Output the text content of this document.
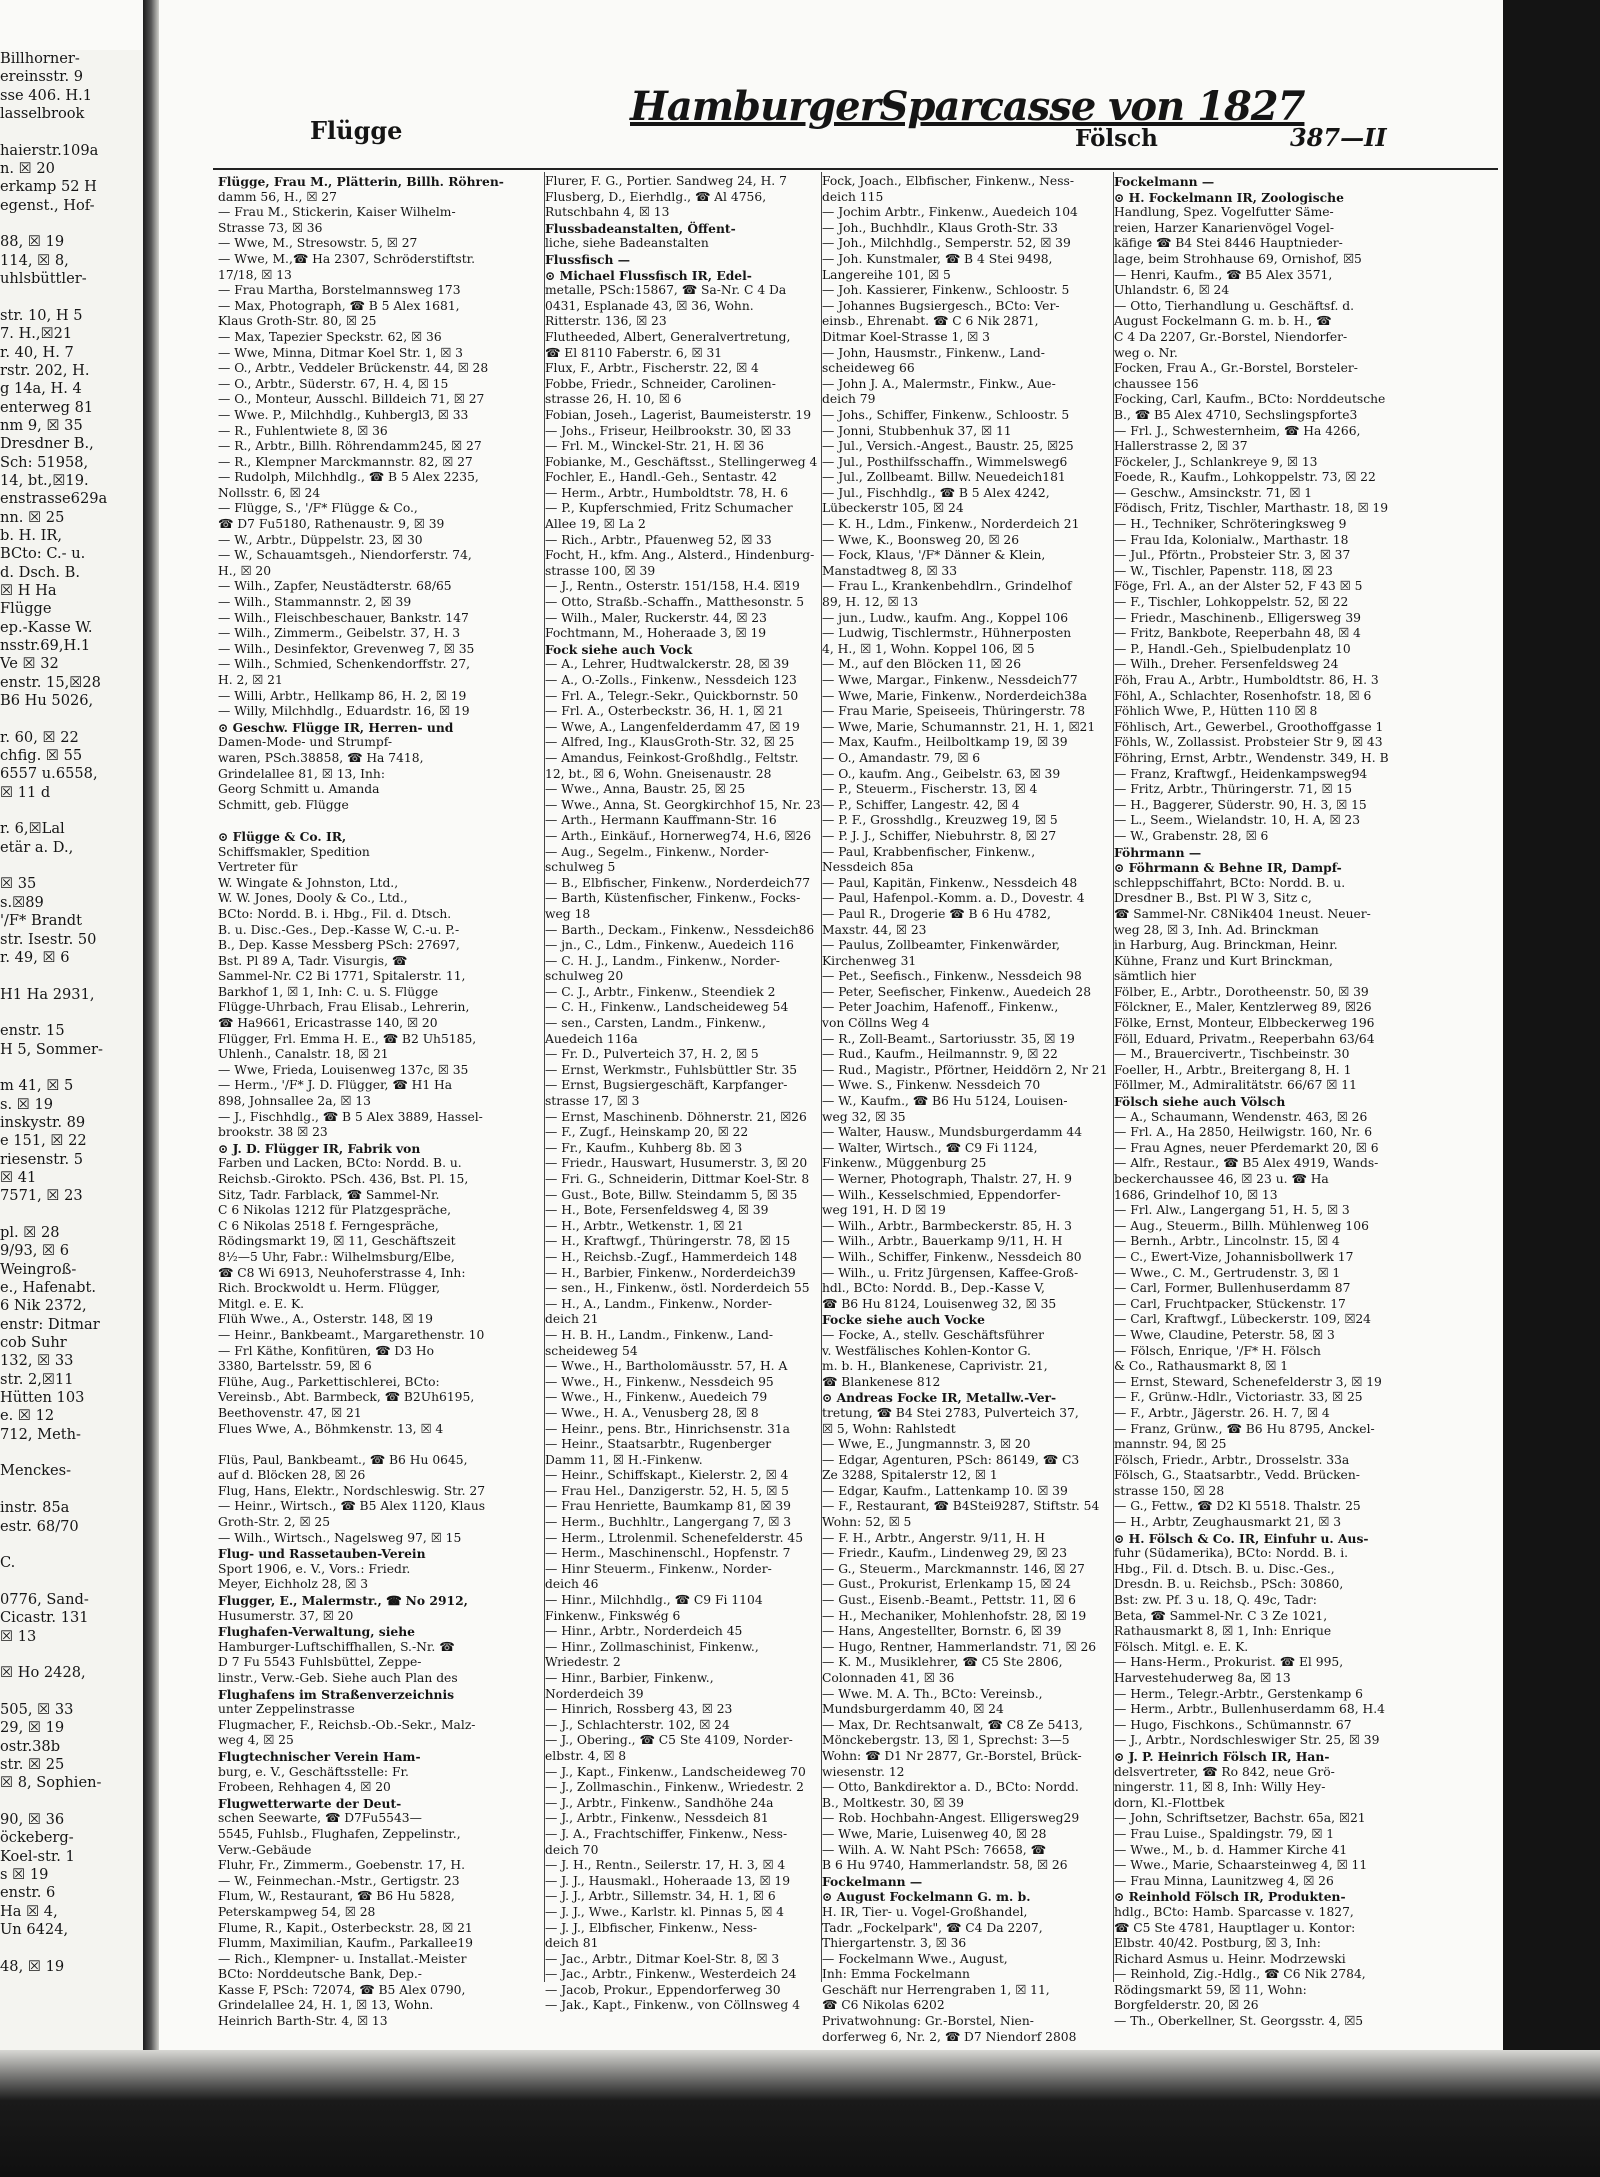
Billhorner-
ereinsstr. 9
sse 406. H.1
lasselbrook

haierstr.109a
n. ☒ 20
erkamp 52 H
egenst., Hof-

88, ☒ 19
114, ☒ 8,
uhlsbüttler-

str. 10, H 5
7. H.,☒21
r. 40, H. 7
rstr. 202, H.
g 14a, H. 4
enterweg 81
nm 9, ☒ 35
Dresdner B.,
Sch: 51958,
14, bt.,☒19.
enstrasse629a
nn. ☒ 25
b. H. IR,
BCto: C.- u.
d. Dsch. B.
☒ H Ha
Flügge
ep.-Kasse W.
nsstr.69,H.1
Ve ☒ 32
enstr. 15,☒28
B6 Hu 5026,

r. 60, ☒ 22
chfig. ☒ 55
6557 u.6558,
☒ 11 d

r. 6,☒Lal
etär a. D.,

☒ 35
s.☒89
'/F* Brandt
str. Isestr. 50
r. 49, ☒ 6

H1 Ha 2931,

enstr. 15
H 5, Sommer-

m 41, ☒ 5
s. ☒ 19
inskystr. 89
e 151, ☒ 22
riesenstr. 5
☒ 41
7571, ☒ 23

pl. ☒ 28
9/93, ☒ 6
Weingroß-
e., Hafenabt.
6 Nik 2372,
enstr: Ditmar
cob Suhr
132, ☒ 33
str. 2,☒11
Hütten 103
e. ☒ 12
712, Meth-

Menckes-

instr. 85a
estr. 68/70

C.

0776, Sand-
Cicastr. 131
☒ 13

☒ Ho 2428,

505, ☒ 33
29, ☒ 19
ostr.38b
str. ☒ 25
☒ 8, Sophien-

90, ☒ 36
öckeberg-
Koel-str. 1
s ☒ 19
enstr. 6
Ha ☒ 4,
Un 6424,

48, ☒ 19
Flügge
HamburgerSparcasse von 1827
Fölsch	387—II
Flügge, Frau M., Plätterin, Billh. Röhren-
damm 56, H., ☒ 27
— Frau M., Stickerin, Kaiser Wilhelm-
Strasse 73, ☒ 36
— Wwe, M., Stresowstr. 5, ☒ 27
— Wwe, M.,☎ Ha 2307, Schröderstiftstr.
17/18, ☒ 13
— Frau Martha, Borstelmannsweg 173
— Max, Photograph, ☎ B 5 Alex 1681,
Klaus Groth-Str. 80, ☒ 25
— Max, Tapezier Speckstr. 62, ☒ 36
— Wwe, Minna, Ditmar Koel Str. 1, ☒ 3
— O., Arbtr., Veddeler Brückenstr. 44, ☒ 28
— O., Arbtr., Süderstr. 67, H. 4, ☒ 15
— O., Monteur, Ausschl. Billdeich 71, ☒ 27
— Wwe. P., Milchhdlg., Kuhbergl3, ☒ 33
— R., Fuhlentwiete 8, ☒ 36
— R., Arbtr., Billh. Röhrendamm245, ☒ 27
— R., Klempner Marckmannstr. 82, ☒ 27
— Rudolph, Milchhdlg., ☎ B 5 Alex 2235,
Nollsstr. 6, ☒ 24
— Flügge, S., '/F* Flügge & Co.,
☎ D7 Fu5180, Rathenaustr. 9, ☒ 39
— W., Arbtr., Düppelstr. 23, ☒ 30
— W., Schauamtsgeh., Niendorferstr. 74,
H., ☒ 20
— Wilh., Zapfer, Neustädterstr. 68/65
— Wilh., Stammannstr. 2, ☒ 39
— Wilh., Fleischbeschauer, Bankstr. 147
— Wilh., Zimmerm., Geibelstr. 37, H. 3
— Wilh., Desinfektor, Grevenweg 7, ☒ 35
— Wilh., Schmied, Schenkendorffstr. 27,
H. 2, ☒ 21
— Willi, Arbtr., Hellkamp 86, H. 2, ☒ 19
— Willy, Milchhdlg., Eduardstr. 16, ☒ 19
⊙ Geschw. Flügge IR, Herren- und
Damen-Mode- und Strumpf-
waren, PSch.38858, ☎ Ha 7418,
Grindelallee 81, ☒ 13, Inh:
Georg Schmitt u. Amanda
Schmitt, geb. Flügge

⊙ Flügge & Co. IR,
Schiffsmakler, Spedition
Vertreter für
W. Wingate & Johnston, Ltd.,
W. W. Jones, Dooly & Co., Ltd.,
BCto: Nordd. B. i. Hbg., Fil. d. Dtsch.
B. u. Disc.-Ges., Dep.-Kasse W, C.-u. P.-
B., Dep. Kasse Messberg PSch: 27697,
Bst. Pl 89 A, Tadr. Visurgis, ☎
Sammel-Nr. C2 Bi 1771, Spitalerstr. 11,
Barkhof 1, ☒ 1, Inh: C. u. S. Flügge
Flügge-Uhrbach, Frau Elisab., Lehrerin,
☎ Ha9661, Ericastrasse 140, ☒ 20
Flügger, Frl. Emma H. E., ☎ B2 Uh5185,
Uhlenh., Canalstr. 18, ☒ 21
— Wwe, Frieda, Louisenweg 137c, ☒ 35
— Herm., '/F* J. D. Flügger, ☎ H1 Ha
898, Johnsallee 2a, ☒ 13
— J., Fischhdlg., ☎ B 5 Alex 3889, Hassel-
brookstr. 38 ☒ 23
⊙ J. D. Flügger IR, Fabrik von
Farben und Lacken, BCto: Nordd. B. u.
Reichsb.-Girokto. PSch. 436, Bst. Pl. 15,
Sitz, Tadr. Farblack, ☎ Sammel-Nr.
C 6 Nikolas 1212 für Platzgespräche,
C 6 Nikolas 2518 f. Ferngespräche,
Rödingsmarkt 19, ☒ 11, Geschäftszeit
8½—5 Uhr, Fabr.: Wilhelmsburg/Elbe,
☎ C8 Wi 6913, Neuhoferstrasse 4, Inh:
Rich. Brockwoldt u. Herm. Flügger,
Mitgl. e. E. K.
Flüh Wwe., A., Osterstr. 148, ☒ 19
— Heinr., Bankbeamt., Margarethenstr. 10
— Frl Käthe, Konfitüren, ☎ D3 Ho
3380, Bartelsstr. 59, ☒ 6
Flühe, Aug., Parkettischlerei, BCto:
Vereinsb., Abt. Barmbeck, ☎ B2Uh6195,
Beethovenstr. 47, ☒ 21
Flues Wwe, A., Böhmkenstr. 13, ☒ 4

Flüs, Paul, Bankbeamt., ☎ B6 Hu 0645,
auf d. Blöcken 28, ☒ 26
Flug, Hans, Elektr., Nordschleswig. Str. 27
— Heinr., Wirtsch., ☎ B5 Alex 1120, Klaus
Groth-Str. 2, ☒ 25
— Wilh., Wirtsch., Nagelsweg 97, ☒ 15
Flug- und Rassetauben-Verein
Sport 1906, e. V., Vors.: Friedr.
Meyer, Eichholz 28, ☒ 3
Flugger, E., Malermstr., ☎ No 2912,
Husumerstr. 37, ☒ 20
Flughafen-Verwaltung, siehe
Hamburger-Luftschiffhallen, S.-Nr. ☎
D 7 Fu 5543 Fuhlsbüttel, Zeppe-
linstr., Verw.-Geb. Siehe auch Plan des
Flughafens im Straßenverzeichnis
unter Zeppelinstrasse
Flugmacher, F., Reichsb.-Ob.-Sekr., Malz-
weg 4, ☒ 25
Flugtechnischer Verein Ham-
burg, e. V., Geschäftsstelle: Fr.
Frobeen, Rehhagen 4, ☒ 20
Flugwetterwarte der Deut-
schen Seewarte, ☎ D7Fu5543—
5545, Fuhlsb., Flughafen, Zeppelinstr.,
Verw.-Gebäude
Fluhr, Fr., Zimmerm., Goebenstr. 17, H.
— W., Feinmechan.-Mstr., Gertigstr. 23
Flum, W., Restaurant, ☎ B6 Hu 5828,
Peterskampweg 54, ☒ 28
Flume, R., Kapit., Osterbeckstr. 28, ☒ 21
Flumm, Maximilian, Kaufm., Parkallee19
— Rich., Klempner- u. Installat.-Meister
BCto: Norddeutsche Bank, Dep.-
Kasse F, PSch: 72074, ☎ B5 Alex 0790,
Grindelallee 24, H. 1, ☒ 13, Wohn.
Heinrich Barth-Str. 4, ☒ 13
Flurer, F. G., Portier. Sandweg 24, H. 7
Flusberg, D., Eierhdlg., ☎ Al 4756,
Rutschbahn 4, ☒ 13
Flussbadeanstalten, Öffent-
liche, siehe Badeanstalten
Flussfisch —
⊙ Michael Flussfisch IR, Edel-
metalle, PSch:15867, ☎ Sa-Nr. C 4 Da
0431, Esplanade 43, ☒ 36, Wohn.
Ritterstr. 136, ☒ 23
Flutheeded, Albert, Generalvertretung,
☎ El 8110 Faberstr. 6, ☒ 31
Flux, F., Arbtr., Fischerstr. 22, ☒ 4
Fobbe, Friedr., Schneider, Carolinen-
strasse 26, H. 10, ☒ 6
Fobian, Joseh., Lagerist, Baumeisterstr. 19
— Johs., Friseur, Heilbrookstr. 30, ☒ 33
— Frl. M., Winckel-Str. 21, H. ☒ 36
Fobianke, M., Geschäftsst., Stellingerweg 4
Fochler, E., Handl.-Geh., Sentastr. 42
— Herm., Arbtr., Humboldtstr. 78, H. 6
— P., Kupferschmied, Fritz Schumacher
Allee 19, ☒ La 2
— Rich., Arbtr., Pfauenweg 52, ☒ 33
Focht, H., kfm. Ang., Alsterd., Hindenburg-
strasse 100, ☒ 39
— J., Rentn., Osterstr. 151/158, H.4. ☒19
— Otto, Straßb.-Schaffn., Matthesonstr. 5
— Wilh., Maler, Ruckerstr. 44, ☒ 23
Fochtmann, M., Hoheraade 3, ☒ 19
Fock siehe auch Vock
— A., Lehrer, Hudtwalckerstr. 28, ☒ 39
— A., O.-Zolls., Finkenw., Nessdeich 123
— Frl. A., Telegr.-Sekr., Quickbornstr. 50
— Frl. A., Osterbeckstr. 36, H. 1, ☒ 21
— Wwe, A., Langenfelderdamm 47, ☒ 19
— Alfred, Ing., KlausGroth-Str. 32, ☒ 25
— Amandus, Feinkost-Großhdlg., Feltstr.
12, bt., ☒ 6, Wohn. Gneisenaustr. 28
— Wwe., Anna, Baustr. 25, ☒ 25
— Wwe., Anna, St. Georgkirchhof 15, Nr. 23
— Arth., Hermann Kauffmann-Str. 16
— Arth., Einkäuf., Hornerweg74, H.6, ☒26
— Aug., Segelm., Finkenw., Norder-
schulweg 5
— B., Elbfischer, Finkenw., Norderdeich77
— Barth, Küstenfischer, Finkenw., Focks-
weg 18
— Barth., Deckam., Finkenw., Nessdeich86
— jn., C., Ldm., Finkenw., Auedeich 116
— C. H. J., Landm., Finkenw., Norder-
schulweg 20
— C. J., Arbtr., Finkenw., Steendiek 2
— C. H., Finkenw., Landscheideweg 54
— sen., Carsten, Landm., Finkenw.,
Auedeich 116a
— Fr. D., Pulverteich 37, H. 2, ☒ 5
— Ernst, Werkmstr., Fuhlsbüttler Str. 35
— Ernst, Bugsiergeschäft, Karpfanger-
strasse 17, ☒ 3
— Ernst, Maschinenb. Döhnerstr. 21, ☒26
— F., Zugf., Heinskamp 20, ☒ 22
— Fr., Kaufm., Kuhberg 8b. ☒ 3
— Friedr., Hauswart, Husumerstr. 3, ☒ 20
— Fri. G., Schneiderin, Dittmar Koel-Str. 8
— Gust., Bote, Billw. Steindamm 5, ☒ 35
— H., Bote, Fersenfeldsweg 4, ☒ 39
— H., Arbtr., Wetkenstr. 1, ☒ 21
— H., Kraftwgf., Thüringerstr. 78, ☒ 15
— H., Reichsb.-Zugf., Hammerdeich 148
— H., Barbier, Finkenw., Norderdeich39
— sen., H., Finkenw., östl. Norderdeich 55
— H., A., Landm., Finkenw., Norder-
deich 21
— H. B. H., Landm., Finkenw., Land-
scheideweg 54
— Wwe., H., Bartholomäusstr. 57, H. A
— Wwe., H., Finkenw., Nessdeich 95
— Wwe., H., Finkenw., Auedeich 79
— Wwe., H. A., Venusberg 28, ☒ 8
— Heinr., pens. Btr., Hinrichsenstr. 31a
— Heinr., Staatsarbtr., Rugenberger
Damm 11, ☒ H.-Finkenw.
— Heinr., Schiffskapt., Kielerstr. 2, ☒ 4
— Frau Hel., Danzigerstr. 52, H. 5, ☒ 5
— Frau Henriette, Baumkamp 81, ☒ 39
— Herm., Buchhltr., Langergang 7, ☒ 3
— Herm., Ltrolenmil. Schenefelderstr. 45
— Herm., Maschinenschl., Hopfenstr. 7
— Hinr Steuerm., Finkenw., Norder-
deich 46
— Hinr., Milchhdlg., ☎ C9 Fi 1104
Finkenw., Finkswég 6
— Hinr., Arbtr., Norderdeich 45
— Hinr., Zollmaschinist, Finkenw.,
Wriedestr. 2
— Hinr., Barbier, Finkenw.,
Norderdeich 39
— Hinrich, Rossberg 43, ☒ 23
— J., Schlachterstr. 102, ☒ 24
— J., Obering., ☎ C5 Ste 4109, Norder-
elbstr. 4, ☒ 8
— J., Kapt., Finkenw., Landscheideweg 70
— J., Zollmaschin., Finkenw., Wriedestr. 2
— J., Arbtr., Finkenw., Sandhöhe 24a
— J., Arbtr., Finkenw., Nessdeich 81
— J. A., Frachtschiffer, Finkenw., Ness-
deich 70
— J. H., Rentn., Seilerstr. 17, H. 3, ☒ 4
— J. J., Hausmakl., Hoheraade 13, ☒ 19
— J. J., Arbtr., Sillemstr. 34, H. 1, ☒ 6
— J. J., Wwe., Karlstr. kl. Pinnas 5, ☒ 4
— J. J., Elbfischer, Finkenw., Ness-
deich 81
— Jac., Arbtr., Ditmar Koel-Str. 8, ☒ 3
— Jac., Arbtr., Finkenw., Westerdeich 24
— Jacob, Prokur., Eppendorferweg 30
— Jak., Kapt., Finkenw., von Cöllnsweg 4
Fock, Joach., Elbfischer, Finkenw., Ness-
deich 115
— Jochim Arbtr., Finkenw., Auedeich 104
— Joh., Buchhdlr., Klaus Groth-Str. 33
— Joh., Milchhdlg., Semperstr. 52, ☒ 39
— Joh. Kunstmaler, ☎ B 4 Stei 9498,
Langereihe 101, ☒ 5
— Joh. Kassierer, Finkenw., Schloostr. 5
— Johannes Bugsiergesch., BCto: Ver-
einsb., Ehrenabt. ☎ C 6 Nik 2871,
Ditmar Koel-Strasse 1, ☒ 3
— John, Hausmstr., Finkenw., Land-
scheideweg 66
— John J. A., Malermstr., Finkw., Aue-
deich 79
— Johs., Schiffer, Finkenw., Schloostr. 5
— Jonni, Stubbenhuk 37, ☒ 11
— Jul., Versich.-Angest., Baustr. 25, ☒25
— Jul., Posthilfsschaffn., Wimmelsweg6
— Jul., Zollbeamt. Billw. Neuedeich181
— Jul., Fischhdlg., ☎ B 5 Alex 4242,
Lübeckerstr 105, ☒ 24
— K. H., Ldm., Finkenw., Norderdeich 21
— Wwe, K., Boonsweg 20, ☒ 26
— Fock, Klaus, '/F* Dänner & Klein,
Manstadtweg 8, ☒ 33
— Frau L., Krankenbehdlrn., Grindelhof
89, H. 12, ☒ 13
— jun., Ludw., kaufm. Ang., Koppel 106
— Ludwig, Tischlermstr., Hühnerposten
4, H., ☒ 1, Wohn. Koppel 106, ☒ 5
— M., auf den Blöcken 11, ☒ 26
— Wwe, Margar., Finkenw., Nessdeich77
— Wwe, Marie, Finkenw., Norderdeich38a
— Frau Marie, Speiseeis, Thüringerstr. 78
— Wwe, Marie, Schumannstr. 21, H. 1, ☒21
— Max, Kaufm., Heilboltkamp 19, ☒ 39
— O., Amandastr. 79, ☒ 6
— O., kaufm. Ang., Geibelstr. 63, ☒ 39
— P., Steuerm., Fischerstr. 13, ☒ 4
— P., Schiffer, Langestr. 42, ☒ 4
— P. F., Grosshdlg., Kreuzweg 19, ☒ 5
— P. J. J., Schiffer, Niebuhrstr. 8, ☒ 27
— Paul, Krabbenfischer, Finkenw.,
Nessdeich 85a
— Paul, Kapitän, Finkenw., Nessdeich 48
— Paul, Hafenpol.-Komm. a. D., Dovestr. 4
— Paul R., Drogerie ☎ B 6 Hu 4782,
Maxstr. 44, ☒ 23
— Paulus, Zollbeamter, Finkenwärder,
Kirchenweg 31
— Pet., Seefisch., Finkenw., Nessdeich 98
— Peter, Seefischer, Finkenw., Auedeich 28
— Peter Joachim, Hafenoff., Finkenw.,
von Cöllns Weg 4
— R., Zoll-Beamt., Sartoriusstr. 35, ☒ 19
— Rud., Kaufm., Heilmannstr. 9, ☒ 22
— Rud., Magistr., Pförtner, Heiddörn 2, Nr 21
— Wwe. S., Finkenw. Nessdeich 70
— W., Kaufm., ☎ B6 Hu 5124, Louisen-
weg 32, ☒ 35
— Walter, Hausw., Mundsburgerdamm 44
— Walter, Wirtsch., ☎ C9 Fi 1124,
Finkenw., Müggenburg 25
— Werner, Photograph, Thalstr. 27, H. 9
— Wilh., Kesselschmied, Eppendorfer-
weg 191, H. D ☒ 19
— Wilh., Arbtr., Barmbeckerstr. 85, H. 3
— Wilh., Arbtr., Bauerkamp 9/11, H. H
— Wilh., Schiffer, Finkenw., Nessdeich 80
— Wilh., u. Fritz Jürgensen, Kaffee-Groß-
hdl., BCto: Nordd. B., Dep.-Kasse V,
☎ B6 Hu 8124, Louisenweg 32, ☒ 35
Focke siehe auch Vocke
— Focke, A., stellv. Geschäftsführer
v. Westfälisches Kohlen-Kontor G.
m. b. H., Blankenese, Caprivistr. 21,
☎ Blankenese 812
⊙ Andreas Focke IR, Metallw.-Ver-
tretung, ☎ B4 Stei 2783, Pulverteich 37,
☒ 5, Wohn: Rahlstedt
— Wwe, E., Jungmannstr. 3, ☒ 20
— Edgar, Agenturen, PSch: 86149, ☎ C3
Ze 3288, Spitalerstr 12, ☒ 1
— Edgar, Kaufm., Lattenkamp 10. ☒ 39
— F., Restaurant, ☎ B4Stei9287, Stiftstr. 54
Wohn: 52, ☒ 5
— F. H., Arbtr., Angerstr. 9/11, H. H
— Friedr., Kaufm., Lindenweg 29, ☒ 23
— G., Steuerm., Marckmannstr. 146, ☒ 27
— Gust., Prokurist, Erlenkamp 15, ☒ 24
— Gust., Eisenb.-Beamt., Pettstr. 11, ☒ 6
— H., Mechaniker, Mohlenhofstr. 28, ☒ 19
— Hans, Angestellter, Bornstr. 6, ☒ 39
— Hugo, Rentner, Hammerlandstr. 71, ☒ 26
— K. M., Musiklehrer, ☎ C5 Ste 2806,
Colonnaden 41, ☒ 36
— Wwe. M. A. Th., BCto: Vereinsb.,
Mundsburgerdamm 40, ☒ 24
— Max, Dr. Rechtsanwalt, ☎ C8 Ze 5413,
Mönckebergstr. 13, ☒ 1, Sprechst: 3—5
Wohn: ☎ D1 Nr 2877, Gr.-Borstel, Brück-
wiesenstr. 12
— Otto, Bankdirektor a. D., BCto: Nordd.
B., Moltkestr. 30, ☒ 39
— Rob. Hochbahn-Angest. Elligersweg29
— Wwe, Marie, Luisenweg 40, ☒ 28
— Wilh. A. W. Naht PSch: 76658, ☎
B 6 Hu 9740, Hammerlandstr. 58, ☒ 26
Fockelmann —
⊙ August Fockelmann G. m. b.
H. IR, Tier- u. Vogel-Großhandel,
Tadr. „Fockelpark", ☎ C4 Da 2207,
Thiergartenstr. 3, ☒ 36
— Fockelmann Wwe., August,
Inh: Emma Fockelmann
Geschäft nur Herrengraben 1, ☒ 11,
☎ C6 Nikolas 6202
Privatwohnung: Gr.-Borstel, Nien-
dorferweg 6, Nr. 2, ☎ D7 Niendorf 2808
Fockelmann —
⊙ H. Fockelmann IR, Zoologische
Handlung, Spez. Vogelfutter Säme-
reien, Harzer Kanarienvögel Vogel-
käfige ☎ B4 Stei 8446 Hauptnieder-
lage, beim Strohhause 69, Ornishof, ☒5
— Henri, Kaufm., ☎ B5 Alex 3571,
Uhlandstr. 6, ☒ 24
— Otto, Tierhandlung u. Geschäftsf. d.
August Fockelmann G. m. b. H., ☎
C 4 Da 2207, Gr.-Borstel, Niendorfer-
weg o. Nr.
Focken, Frau A., Gr.-Borstel, Borsteler-
chaussee 156
Focking, Carl, Kaufm., BCto: Norddeutsche
B., ☎ B5 Alex 4710, Sechslingspforte3
— Frl. J., Schwesternheim, ☎ Ha 4266,
Hallerstrasse 2, ☒ 37
Föckeler, J., Schlankreye 9, ☒ 13
Foede, R., Kaufm., Lohkoppelstr. 73, ☒ 22
— Geschw., Amsinckstr. 71, ☒ 1
Födisch, Fritz, Tischler, Marthastr. 18, ☒ 19
— H., Techniker, Schröteringksweg 9
— Frau Ida, Kolonialw., Marthastr. 18
— Jul., Pförtn., Probsteier Str. 3, ☒ 37
— W., Tischler, Papenstr. 118, ☒ 23
Föge, Frl. A., an der Alster 52, F 43 ☒ 5
— F., Tischler, Lohkoppelstr. 52, ☒ 22
— Friedr., Maschinenb., Elligersweg 39
— Fritz, Bankbote, Reeperbahn 48, ☒ 4
— P., Handl.-Geh., Spielbudenplatz 10
— Wilh., Dreher. Fersenfeldsweg 24
Föh, Frau A., Arbtr., Humboldtstr. 86, H. 3
Föhl, A., Schlachter, Rosenhofstr. 18, ☒ 6
Föhlich Wwe, P., Hütten 110 ☒ 8
Föhlisch, Art., Gewerbel., Groothoffgasse 1
Föhls, W., Zollassist. Probsteier Str 9, ☒ 43
Föhring, Ernst, Arbtr., Wendenstr. 349, H. B
— Franz, Kraftwgf., Heidenkampsweg94
— Fritz, Arbtr., Thüringerstr. 71, ☒ 15
— H., Baggerer, Süderstr. 90, H. 3, ☒ 15
— L., Seem., Wielandstr. 10, H. A, ☒ 23
— W., Grabenstr. 28, ☒ 6
Föhrmann —
⊙ Föhrmann & Behne IR, Dampf-
schleppschiffahrt, BCto: Nordd. B. u.
Dresdner B., Bst. Pl W 3, Sitz c,
☎ Sammel-Nr. C8Nik404 1neust. Neuer-
weg 28, ☒ 3, Inh. Ad. Brinckman
in Harburg, Aug. Brinckman, Heinr.
Kühne, Franz und Kurt Brinckman,
sämtlich hier
Fölber, E., Arbtr., Dorotheenstr. 50, ☒ 39
Fölckner, E., Maler, Kentzlerweg 89, ☒26
Fölke, Ernst, Monteur, Elbbeckerweg 196
Föll, Eduard, Privatm., Reeperbahn 63/64
— M., Brauercivertr., Tischbeinstr. 30
Foeller, H., Arbtr., Breitergang 8, H. 1
Föllmer, M., Admiralitätstr. 66/67 ☒ 11
Fölsch siehe auch Völsch
— A., Schaumann, Wendenstr. 463, ☒ 26
— Frl. A., Ha 2850, Heilwigstr. 160, Nr. 6
— Frau Agnes, neuer Pferdemarkt 20, ☒ 6
— Alfr., Restaur., ☎ B5 Alex 4919, Wands-
beckerchaussee 46, ☒ 23 u. ☎ Ha
1686, Grindelhof 10, ☒ 13
— Frl. Alw., Langergang 51, H. 5, ☒ 3
— Aug., Steuerm., Billh. Mühlenweg 106
— Bernh., Arbtr., Lincolnstr. 15, ☒ 4
— C., Ewert-Vize, Johannisbollwerk 17
— Wwe., C. M., Gertrudenstr. 3, ☒ 1
— Carl, Former, Bullenhuserdamm 87
— Carl, Fruchtpacker, Stückenstr. 17
— Carl, Kraftwgf., Lübeckerstr. 109, ☒24
— Wwe, Claudine, Peterstr. 58, ☒ 3
— Fölsch, Enrique, '/F* H. Fölsch
& Co., Rathausmarkt 8, ☒ 1
— Ernst, Steward, Schenefelderstr 3, ☒ 19
— F., Grünw.-Hdlr., Victoriastr. 33, ☒ 25
— F., Arbtr., Jägerstr. 26. H. 7, ☒ 4
— Franz, Grünw., ☎ B6 Hu 8795, Anckel-
mannstr. 94, ☒ 25
Fölsch, Friedr., Arbtr., Drosselstr. 33a
Fölsch, G., Staatsarbtr., Vedd. Brücken-
strasse 150, ☒ 28
— G., Fettw., ☎ D2 Kl 5518. Thalstr. 25
— H., Arbtr, Zeughausmarkt 21, ☒ 3
⊙ H. Fölsch & Co. IR, Einfuhr u. Aus-
fuhr (Südamerika), BCto: Nordd. B. i.
Hbg., Fil. d. Dtsch. B. u. Disc.-Ges.,
Dresdn. B. u. Reichsb., PSch: 30860,
Bst: zw. Pf. 3 u. 18, Q. 49c, Tadr:
Beta, ☎ Sammel-Nr. C 3 Ze 1021,
Rathausmarkt 8, ☒ 1, Inh: Enrique
Fölsch. Mitgl. e. E. K.
— Hans-Herm., Prokurist. ☎ El 995,
Harvestehuderweg 8a, ☒ 13
— Herm., Telegr.-Arbtr., Gerstenkamp 6
— Herm., Arbtr., Bullenhuserdamm 68, H.4
— Hugo, Fischkons., Schümannstr. 67
— J., Arbtr., Nordschleswiger Str. 25, ☒ 39
⊙ J. P. Heinrich Fölsch IR, Han-
delsvertreter, ☎ Ro 842, neue Grö-
ningerstr. 11, ☒ 8, Inh: Willy Hey-
dorn, Kl.-Flottbek
— John, Schriftsetzer, Bachstr. 65a, ☒21
— Frau Luise., Spaldingstr. 79, ☒ 1
— Wwe., M., b. d. Hammer Kirche 41
— Wwe., Marie, Schaarsteinweg 4, ☒ 11
— Frau Minna, Launitzweg 4, ☒ 26
⊙ Reinhold Fölsch IR, Produkten-
hdlg., BCto: Hamb. Sparcasse v. 1827,
☎ C5 Ste 4781, Hauptlager u. Kontor:
Elbstr. 40/42. Postburg, ☒ 3, Inh:
Richard Asmus u. Heinr. Modrzewski
— Reinhold, Zig.-Hdlg., ☎ C6 Nik 2784,
Rödingsmarkt 59, ☒ 11, Wohn:
Borgfelderstr. 20, ☒ 26
— Th., Oberkellner, St. Georgsstr. 4, ☒5
